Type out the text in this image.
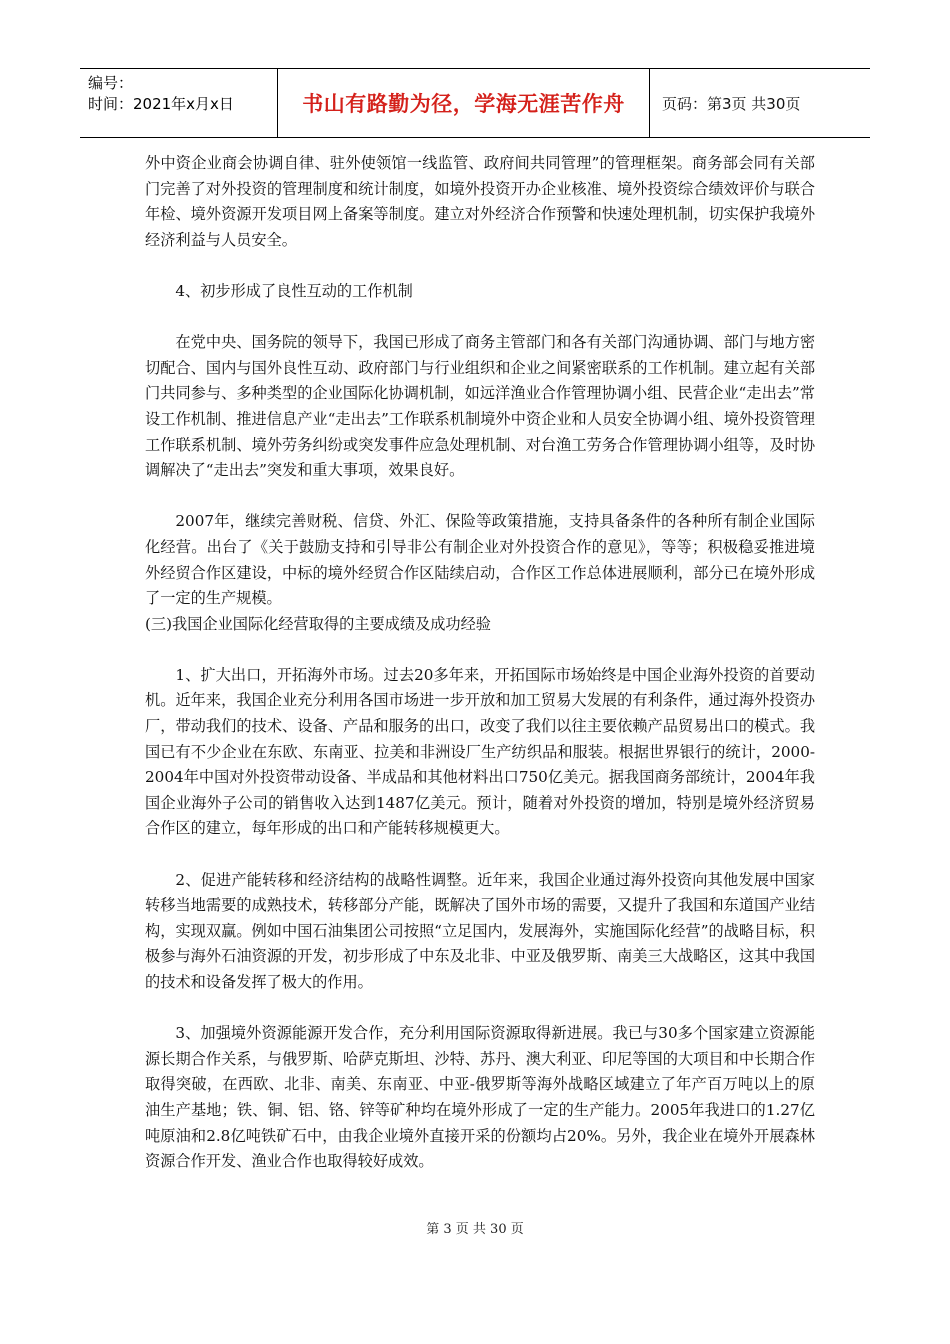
编号：
时间：2021年x月x日	书山有路勤为径，学海无涯苦作舟	页码：第3页 共30页

外中资企业商会协调自律、驻外使领馆一线监管、政府间共同管理”的管理框架。商务部会同有关部门完善了对外投资的管理制度和统计制度，如境外投资开办企业核准、境外投资综合绩效评价与联合年检、境外资源开发项目网上备案等制度。建立对外经济合作预警和快速处理机制，切实保护我境外经济利益与人员安全。

4、初步形成了良性互动的工作机制

在党中央、国务院的领导下，我国已形成了商务主管部门和各有关部门沟通协调、部门与地方密切配合、国内与国外良性互动、政府部门与行业组织和企业之间紧密联系的工作机制。建立起有关部门共同参与、多种类型的企业国际化协调机制，如远洋渔业合作管理协调小组、民营企业“走出去”常设工作机制、推进信息产业“走出去”工作联系机制境外中资企业和人员安全协调小组、境外投资管理工作联系机制、境外劳务纠纷或突发事件应急处理机制、对台渔工劳务合作管理协调小组等，及时协调解决了“走出去”突发和重大事项，效果良好。

2007年，继续完善财税、信贷、外汇、保险等政策措施，支持具备条件的各种所有制企业国际化经营。出台了《关于鼓励支持和引导非公有制企业对外投资合作的意见》，等等；积极稳妥推进境外经贸合作区建设，中标的境外经贸合作区陆续启动，合作区工作总体进展顺利，部分已在境外形成了一定的生产规模。

(三)我国企业国际化经营取得的主要成绩及成功经验

1、扩大出口，开拓海外市场。过去20多年来，开拓国际市场始终是中国企业海外投资的首要动机。近年来，我国企业充分利用各国市场进一步开放和加工贸易大发展的有利条件，通过海外投资办厂，带动我们的技术、设备、产品和服务的出口，改变了我们以往主要依赖产品贸易出口的模式。我国已有不少企业在东欧、东南亚、拉美和非洲设厂生产纺织品和服装。根据世界银行的统计，2000-2004年中国对外投资带动设备、半成品和其他材料出口750亿美元。据我国商务部统计，2004年我国企业海外子公司的销售收入达到1487亿美元。预计，随着对外投资的增加，特别是境外经济贸易合作区的建立，每年形成的出口和产能转移规模更大。

2、促进产能转移和经济结构的战略性调整。近年来，我国企业通过海外投资向其他发展中国家转移当地需要的成熟技术，转移部分产能，既解决了国外市场的需要，又提升了我国和东道国产业结构，实现双赢。例如中国石油集团公司按照“立足国内，发展海外，实施国际化经营”的战略目标，积极参与海外石油资源的开发，初步形成了中东及北非、中亚及俄罗斯、南美三大战略区，这其中我国的技术和设备发挥了极大的作用。

3、加强境外资源能源开发合作，充分利用国际资源取得新进展。我已与30多个国家建立资源能源长期合作关系，与俄罗斯、哈萨克斯坦、沙特、苏丹、澳大利亚、印尼等国的大项目和中长期合作取得突破，在西欧、北非、南美、东南亚、中亚-俄罗斯等海外战略区域建立了年产百万吨以上的原油生产基地；铁、铜、铝、铬、锌等矿种均在境外形成了一定的生产能力。2005年我进口的1.27亿吨原油和2.8亿吨铁矿石中，由我企业境外直接开采的份额均占20%。另外，我企业在境外开展森林资源合作开发、渔业合作也取得较好成效。

第 3 页 共 30 页
